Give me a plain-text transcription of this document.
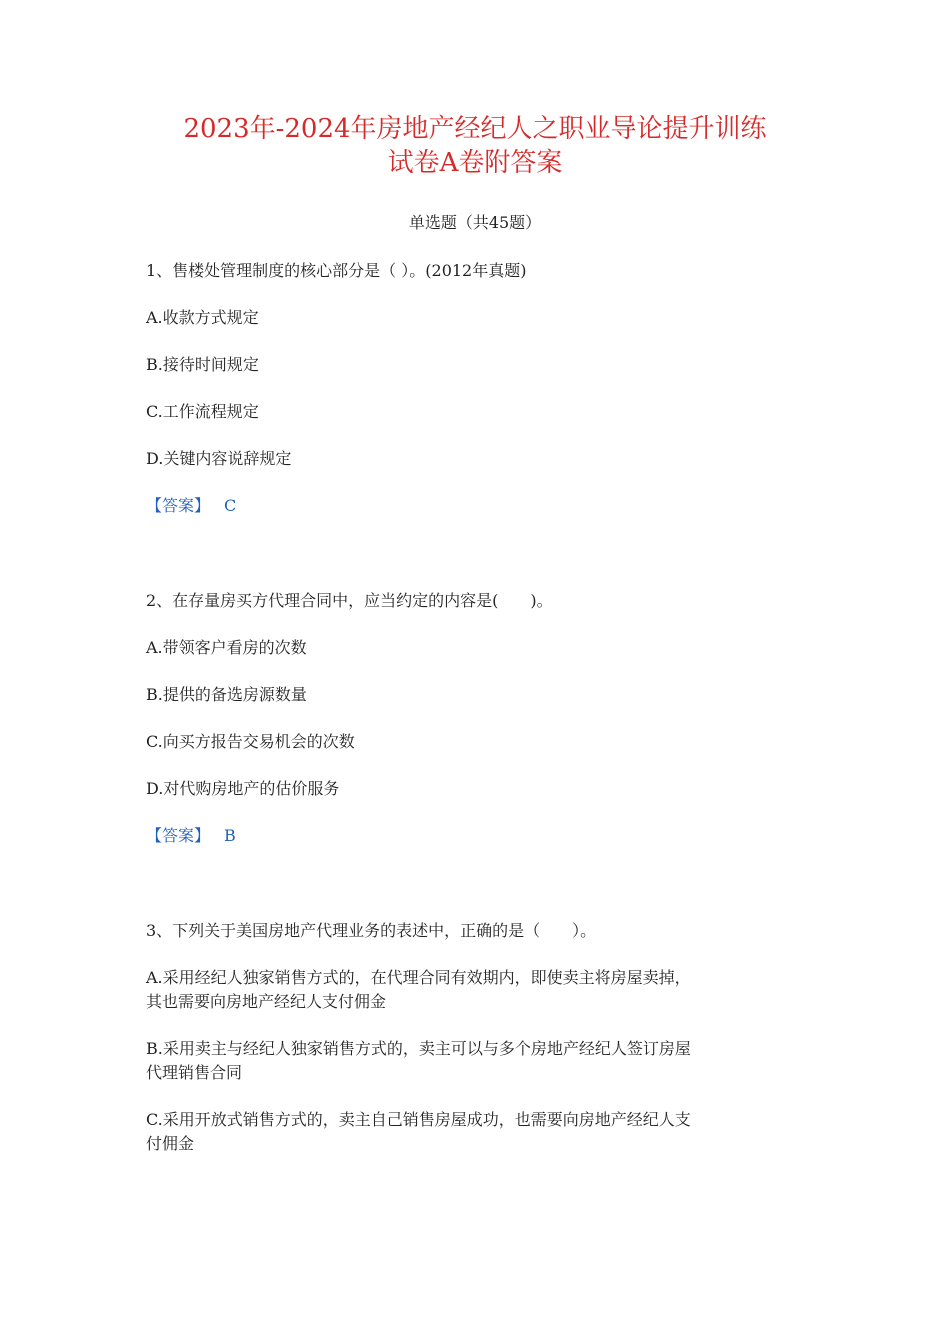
2023年-2024年房地产经纪人之职业导论提升训练
试卷A卷附答案
单选题（共45题）
1、售楼处管理制度的核心部分是（ ）。(2012年真题)
A.收款方式规定
B.接待时间规定
C.工作流程规定
D.关键内容说辞规定
【答案】 C
2、在存量房买方代理合同中，应当约定的内容是(　　)。
A.带领客户看房的次数
B.提供的备选房源数量
C.向买方报告交易机会的次数
D.对代购房地产的估价服务
【答案】 B
3、下列关于美国房地产代理业务的表述中，正确的是（　　）。
A.采用经纪人独家销售方式的，在代理合同有效期内，即使卖主将房屋卖掉，
其也需要向房地产经纪人支付佣金
B.采用卖主与经纪人独家销售方式的，卖主可以与多个房地产经纪人签订房屋
代理销售合同
C.采用开放式销售方式的，卖主自己销售房屋成功，也需要向房地产经纪人支
付佣金
